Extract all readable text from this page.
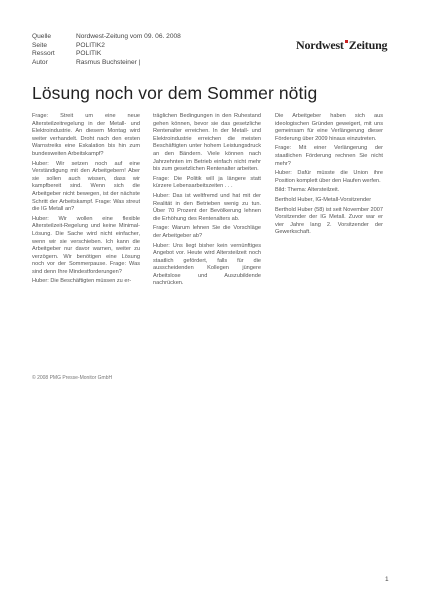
Quelle	Nordwest-Zeitung vom 09. 06. 2008
Seite	POLITIK2
Ressort	POLITIK
Autor	Rasmus Buchsteiner |
Nordwest Zeitung
Lösung noch vor dem Sommer nötig

Frage: Streit um eine neue Altersteilzeitregelung in der Metall- und Elektroindustrie. An diesem Montag wird weiter verhandelt. Droht nach den ersten Warnstreiks eine Eskalation bis hin zum bundesweiten Arbeitskampf?

Huber: Wir setzen noch auf eine Verständigung mit den Arbeitgebern! Aber sie sollen auch wissen, dass wir kampfbereit sind. Wenn sich die Arbeitgeber nicht bewegen, ist der nächste Schritt der Arbeitskampf. Frage: Was streut die IG Metall an?

Huber: Wir wollen eine flexible Altersteilzeit-Regelung und keine Minimal-Lösung. Die Sache wird nicht einfacher, wenn wir sie verschieben. Ich kann die Arbeitgeber nur davor warnen, weiter zu verzögern. Wir benötigen eine Lösung noch vor der Sommerpause. Frage: Was sind denn Ihre Mindestforderungen?

Huber: Die Beschäftigten müssen zu er-

träglichen Bedingungen in den Ruhestand gehen können, bevor sie das gesetzliche Rentenalter erreichen. In der Metall- und Elektroindustrie erreichen die meisten Beschäftigten unter hohem Leistungsdruck an den Bändern. Viele können nach Jahrzehnten im Betrieb einfach nicht mehr bis zum gesetzlichen Rentenalter arbeiten.

Frage: Die Politik will ja längere statt kürzere Lebensarbeitszeiten . . .

Huber: Das ist weltfremd und hat mit der Realität in den Betrieben wenig zu tun. Über 70 Prozent der Bevölkerung lehnen die Erhöhung des Rentenalters ab.

Frage: Warum lehnen Sie die Vorschläge der Arbeitgeber ab?

Huber: Uns liegt bisher kein vernünftiges Angebot vor. Heute wird Altersteilzeit noch staatlich gefördert, falls für die ausscheidenden Kollegen jüngere Arbeitslose und Auszubildende nachrücken.

Die Arbeitgeber haben sich aus ideologischen Gründen geweigert, mit uns gemeinsam für eine Verlängerung dieser Förderung über 2009 hinaus einzutreten.

Frage: Mit einer Verlängerung der staatlichen Förderung rechnen Sie nicht mehr?

Huber: Dafür müsste die Union ihre Position komplett über den Haufen werfen.

Bild: Thema: Altersteilzeit.

Berthold Huber, IG-Metall-Vorsitzender

Berthold Huber (58) ist seit November 2007 Vorsitzender der IG Metall. Zuvor war er vier Jahre lang 2. Vorsitzender der Gewerkschaft.

© 2008 PMG Presse-Monitor GmbH
1
